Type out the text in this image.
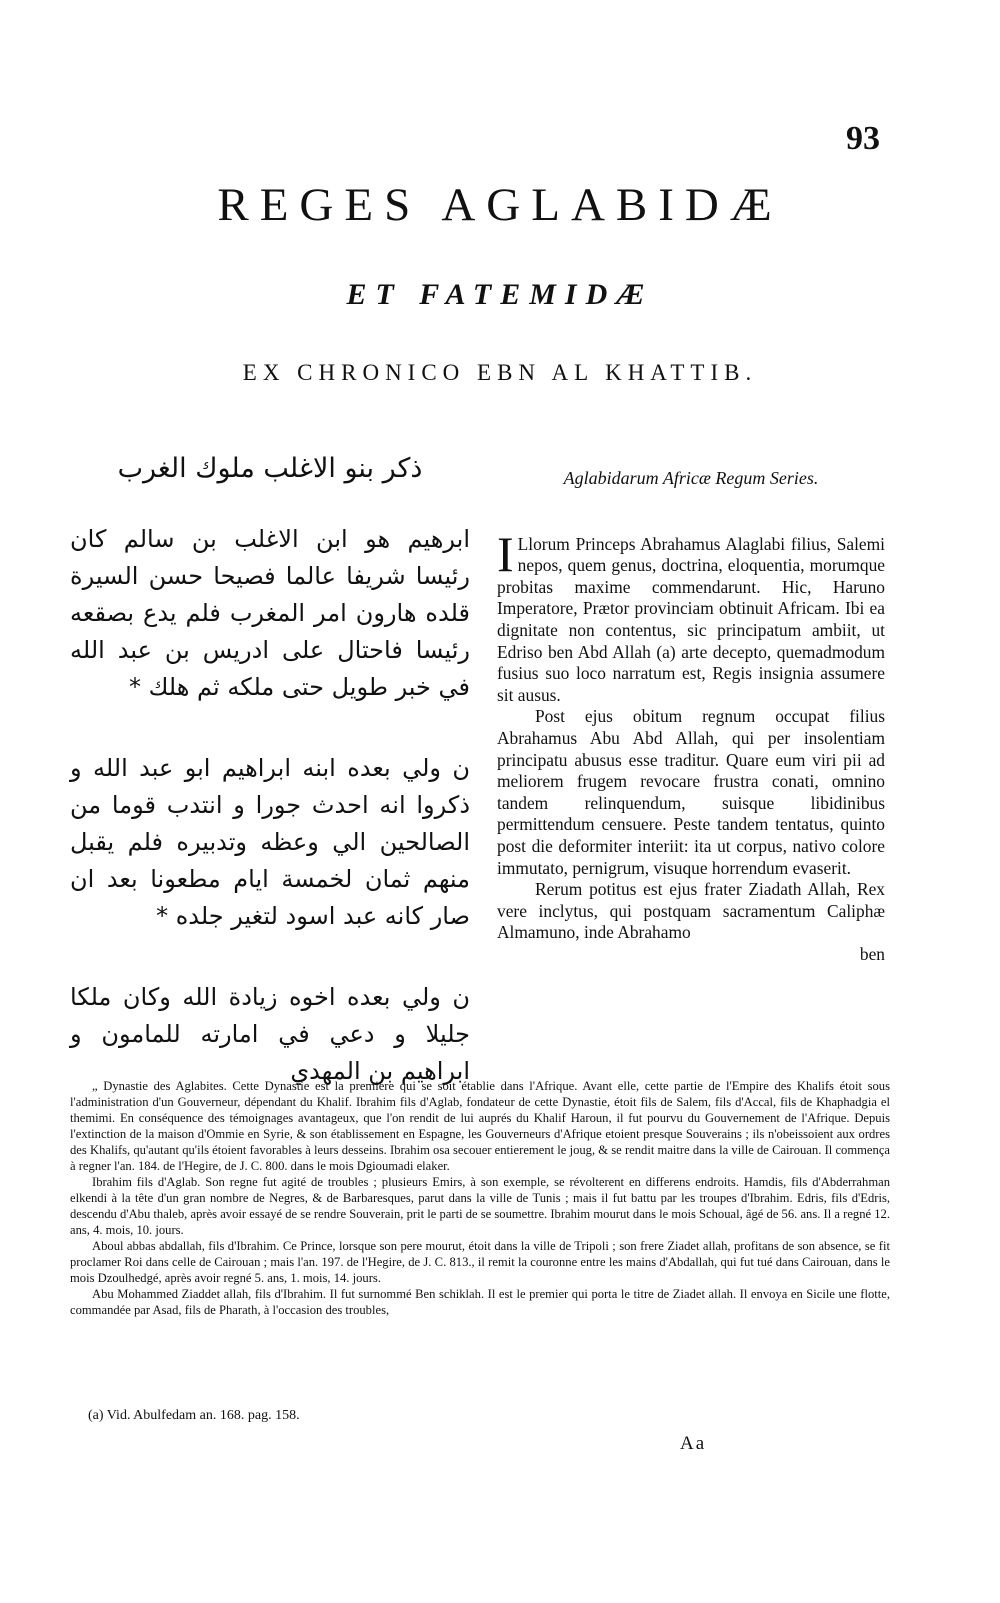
93
REGES AGLABIDÆ
ET FATEMIDÆ
EX CHRONICO EBN AL KHATTIB.
ذكر بنو الاغلب ملوك الغرب

ابرهيم هو ابن الاغلب بن سالم كان رئيسا شريفا عالما فصيحا حسن السيرة قلده هارون امر المغرب فلم يدع بصقعه رئيسا فاحتال على ادريس بن عبد الله في خبر طويل حتى ملكه ثم هلك *

ن ولي بعده ابنه ابراهيم ابو عبد الله و ذكروا انه احدث جورا و انتدب قوما من الصالحين الي وعظه وتدبيره فلم يقبل منهم ثمان لخمسة ايام مطعونا بعد ان صار كانه عبد اسود لتغير جلده *

ن ولي بعده اخوه زيادة الله وكان ملكا جليلا و دعي في امارته للمامون و ابراهيم بن المهدي

Aglabidarum Africæ Regum Series.

I Llorum Princeps Abrahamus Alaglabi filius, Salemi nepos, quem genus, doctrina, eloquentia, morumque probitas maxime commendarunt. Hic, Haruno Imperatore, Prætor provinciam obtinuit Africam. Ibi ea dignitate non contentus, sic principatum ambiit, ut Edriso ben Abd Allah (a) arte decepto, quemadmodum fusius suo loco narratum est, Regis insignia assumere sit ausus.

Post ejus obitum regnum occupat filius Abrahamus Abu Abd Allah, qui per insolentiam principatu abusus esse traditur. Quare eum viri pii ad meliorem frugem revocare frustra conati, omnino tandem relinquendum, suisque libidinibus permittendum censuere. Peste tandem tentatus, quinto post die deformiter interiit: ita ut corpus, nativo colore immutato, pernigrum, visuque horrendum evaserit.

Rerum potitus est ejus frater Ziadath Allah, Rex vere inclytus, qui postquam sacramentum Caliphæ Almamuno, inde Abrahamo

ben

„ Dynastie des Aglabites. Cette Dynastie est la premiere qui se soit établie dans l'Afrique. Avant elle, cette partie de l'Empire des Khalifs étoit sous l'administration d'un Gouverneur, dépendant du Khalif. Ibrahim fils d'Aglab, fondateur de cette Dynastie, étoit fils de Salem, fils d'Accal, fils de Khaphadgia el themimi. En conséquence des témoignages avantageux, que l'on rendit de lui auprés du Khalif Haroun, il fut pourvu du Gouvernement de l'Afrique. Depuis l'extinction de la maison d'Ommie en Syrie, & son établissement en Espagne, les Gouverneurs d'Afrique etoient presque Souverains ; ils n'obeissoient aux ordres des Khalifs, qu'autant qu'ils étoient favorables à leurs desseins. Ibrahim osa secouer entierement le joug, & se rendit maitre dans la ville de Cairouan. Il commença à regner l'an. 184. de l'Hegire, de J. C. 800. dans le mois Dgioumadi elaker.

Ibrahim fils d'Aglab. Son regne fut agité de troubles ; plusieurs Emirs, à son exemple, se révolterent en differens endroits. Hamdis, fils d'Abderrahman elkendi à la tête d'un gran nombre de Negres, & de Barbaresques, parut dans la ville de Tunis ; mais il fut battu par les troupes d'Ibrahim. Edris, fils d'Edris, descendu d'Abu thaleb, après avoir essayé de se rendre Souverain, prit le parti de se soumettre. Ibrahim mourut dans le mois Schoual, âgé de 56. ans. Il a regné 12. ans, 4. mois, 10. jours.

Aboul abbas abdallah, fils d'Ibrahim. Ce Prince, lorsque son pere mourut, étoit dans la ville de Tripoli ; son frere Ziadet allah, profitans de son absence, se fit proclamer Roi dans celle de Cairouan ; mais l'an. 197. de l'Hegire, de J. C. 813., il remit la couronne entre les mains d'Abdallah, qui fut tué dans Cairouan, dans le mois Dzoulhedgé, après avoir regné 5. ans, 1. mois, 14. jours.

Abu Mohammed Ziaddet allah, fils d'Ibrahim. Il fut surnommé Ben schiklah. Il est le premier qui porta le titre de Ziadet allah. Il envoya en Sicile une flotte, commandée par Asad, fils de Pharath, à l'occasion des troubles,

(a) Vid. Abulfedam an. 168. pag. 158.
Aa
